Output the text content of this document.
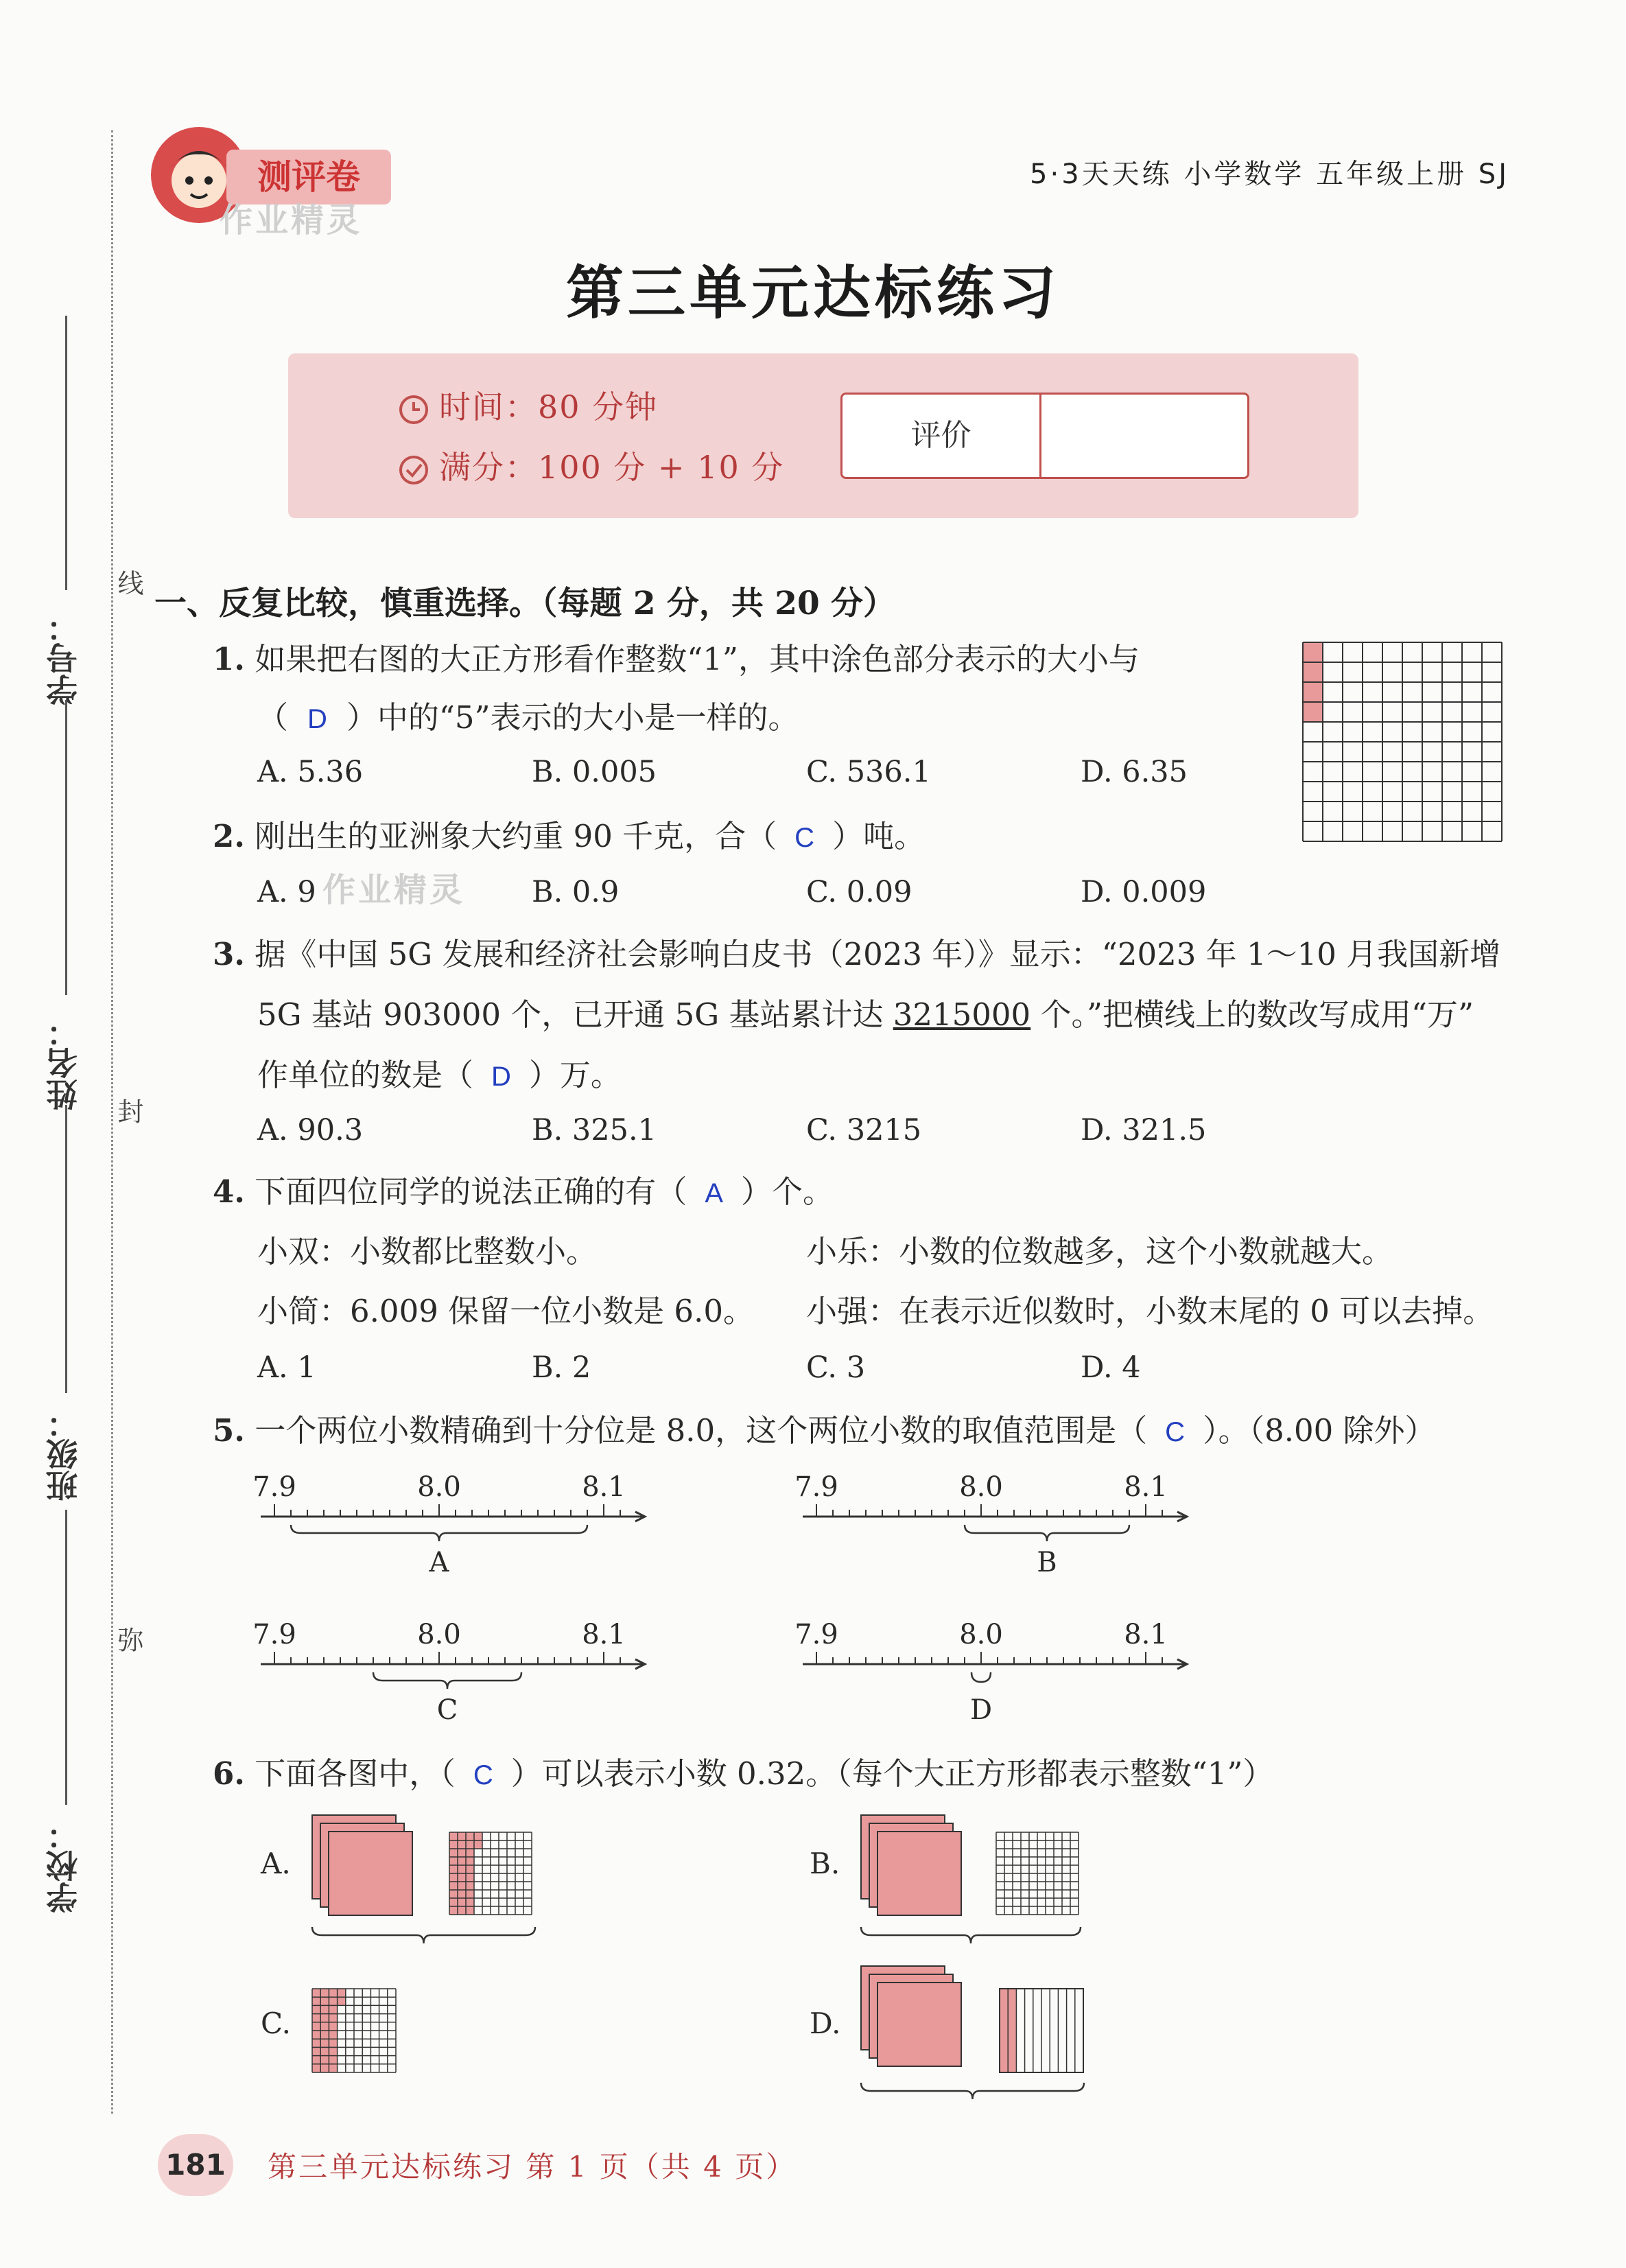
学号：
姓名：
班级：
学校：
线
封
弥
测评卷
作业精灵
5·3天天练 小学数学 五年级上册 SJ
第三单元达标练习
时间：80 分钟
满分：100 分 + 10 分
评价
一、反复比较，慎重选择。（每题 2 分，共 20 分）
1. 如果把右图的大正方形看作整数“1”，其中涂色部分表示的大小与
（ D ）中的“5”表示的大小是一样的。
A. 5.36	B. 0.005	C. 536.1	D. 6.35
2. 刚出生的亚洲象大约重 90 千克，合（ C ）吨。
A. 9	B. 0.9	C. 0.09	D. 0.009
作业精灵
3. 据《中国 5G 发展和经济社会影响白皮书（2023 年）》显示：“2023 年 1～10 月我国新增
5G 基站 903000 个，已开通 5G 基站累计达 3215000 个。”把横线上的数改写成用“万”
作单位的数是（ D ）万。
A. 90.3	B. 325.1	C. 3215	D. 321.5
4. 下面四位同学的说法正确的有（ A ）个。
小双：小数都比整数小。	小乐：小数的位数越多，这个小数就越大。
小简：6.009 保留一位小数是 6.0。 小强：在表示近似数时，小数末尾的 0 可以去掉。
A. 1	B. 2	C. 3	D. 4
5. 一个两位小数精确到十分位是 8.0，这个两位小数的取值范围是（ C ）。（8.00 除外）
7.9	8.0	8.1
A
7.9	8.0	8.1
B
7.9	8.0	8.1
C
7.9	8.0	8.1
D
6. 下面各图中，（ C ）可以表示小数 0.32。（每个大正方形都表示整数“1”）
A.	B.
C.	D.
181 第三单元达标练习 第 1 页（共 4 页）
